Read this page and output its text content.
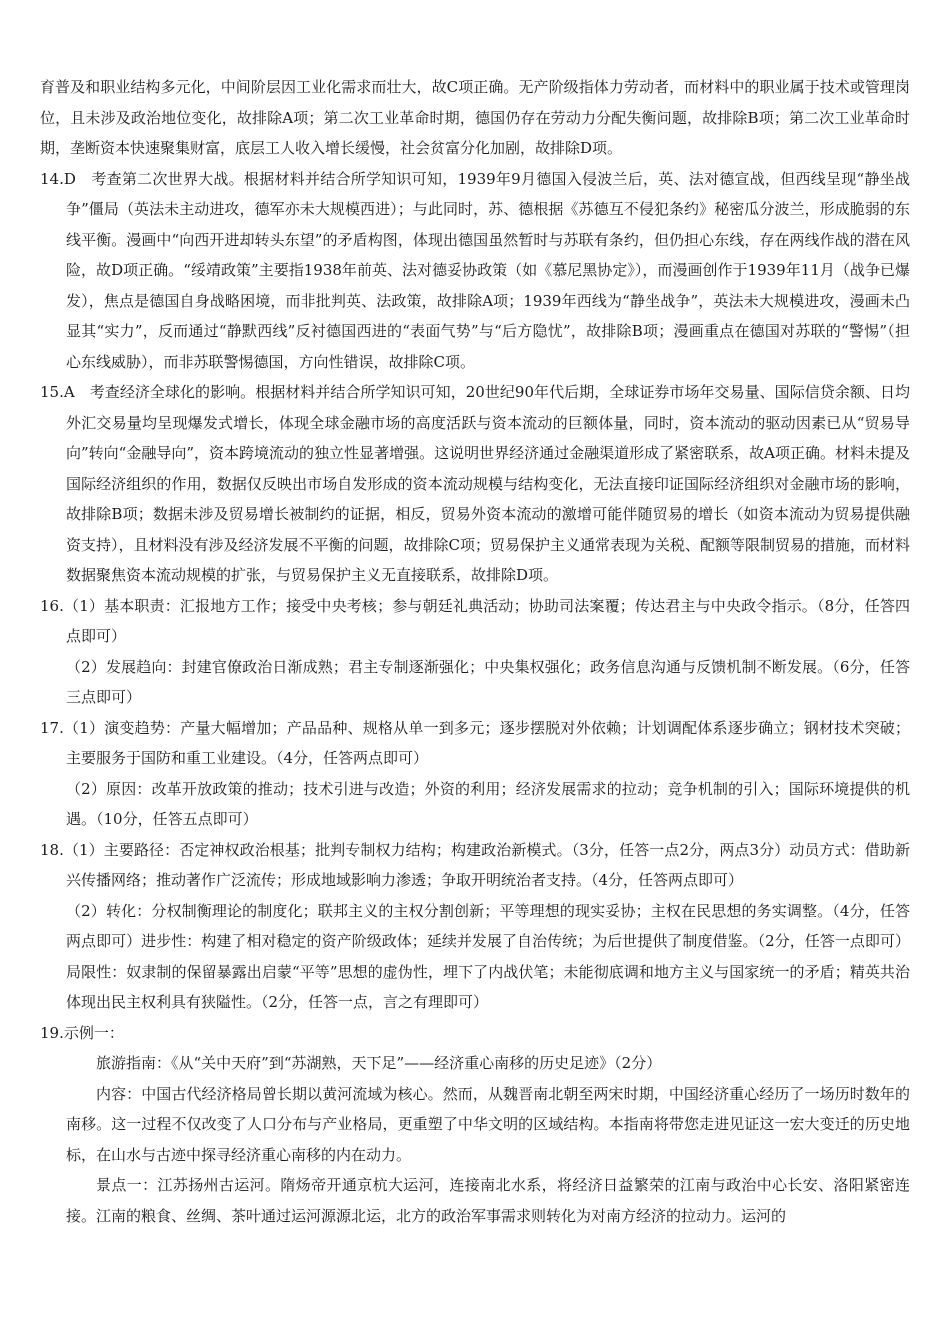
育普及和职业结构多元化，中间阶层因工业化需求而壮大，故C项正确。无产阶级指体力劳动者，而材料中的职业属于技术或管理岗位，且未涉及政治地位变化，故排除A项；第二次工业革命时期，德国仍存在劳动力分配失衡问题，故排除B项；第二次工业革命时期，垄断资本快速聚集财富，底层工人收入增长缓慢，社会贫富分化加剧，故排除D项。

14.D　考查第二次世界大战。根据材料并结合所学知识可知，1939年9月德国入侵波兰后，英、法对德宣战，但西线呈现“静坐战争”僵局（英法未主动进攻，德军亦未大规模西进）；与此同时，苏、德根据《苏德互不侵犯条约》秘密瓜分波兰，形成脆弱的东线平衡。漫画中“向西开进却转头东望”的矛盾构图，体现出德国虽然暂时与苏联有条约，但仍担心东线，存在两线作战的潜在风险，故D项正确。“绥靖政策”主要指1938年前英、法对德妥协政策（如《慕尼黑协定》），而漫画创作于1939年11月（战争已爆发），焦点是德国自身战略困境，而非批判英、法政策，故排除A项；1939年西线为“静坐战争”，英法未大规模进攻，漫画未凸显其“实力”，反而通过“静默西线”反衬德国西进的“表面气势”与“后方隐忧”，故排除B项；漫画重点在德国对苏联的“警惕”（担心东线威胁），而非苏联警惕德国，方向性错误，故排除C项。

15.A　考查经济全球化的影响。根据材料并结合所学知识可知，20世纪90年代后期，全球证券市场年交易量、国际信贷余额、日均外汇交易量均呈现爆发式增长，体现全球金融市场的高度活跃与资本流动的巨额体量，同时，资本流动的驱动因素已从“贸易导向”转向“金融导向”，资本跨境流动的独立性显著增强。这说明世界经济通过金融渠道形成了紧密联系，故A项正确。材料未提及国际经济组织的作用，数据仅反映出市场自发形成的资本流动规模与结构变化，无法直接印证国际经济组织对金融市场的影响，故排除B项；数据未涉及贸易增长被制约的证据，相反，贸易外资本流动的激增可能伴随贸易的增长（如资本流动为贸易提供融资支持），且材料没有涉及经济发展不平衡的问题，故排除C项；贸易保护主义通常表现为关税、配额等限制贸易的措施，而材料数据聚焦资本流动规模的扩张，与贸易保护主义无直接联系，故排除D项。

16.（1）基本职责：汇报地方工作；接受中央考核；参与朝廷礼典活动；协助司法案覆；传达君主与中央政令指示。（8分，任答四点即可）

（2）发展趋向：封建官僚政治日渐成熟；君主专制逐渐强化；中央集权强化；政务信息沟通与反馈机制不断发展。（6分，任答三点即可）

17.（1）演变趋势：产量大幅增加；产品品种、规格从单一到多元；逐步摆脱对外依赖；计划调配体系逐步确立；钢材技术突破；主要服务于国防和重工业建设。（4分，任答两点即可）

（2）原因：改革开放政策的推动；技术引进与改造；外资的利用；经济发展需求的拉动；竞争机制的引入；国际环境提供的机遇。（10分，任答五点即可）

18.（1）主要路径：否定神权政治根基；批判专制权力结构；构建政治新模式。（3分，任答一点2分，两点3分）动员方式：借助新兴传播网络；推动著作广泛流传；形成地域影响力渗透；争取开明统治者支持。（4分，任答两点即可）

（2）转化：分权制衡理论的制度化；联邦主义的主权分割创新；平等理想的现实妥协；主权在民思想的务实调整。（4分，任答两点即可）进步性：构建了相对稳定的资产阶级政体；延续并发展了自治传统；为后世提供了制度借鉴。（2分，任答一点即可）局限性：奴隶制的保留暴露出启蒙“平等”思想的虚伪性，埋下了内战伏笔；未能彻底调和地方主义与国家统一的矛盾；精英共治体现出民主权利具有狭隘性。（2分，任答一点，言之有理即可）

19.示例一：

旅游指南：《从“关中天府”到“苏湖熟，天下足”——经济重心南移的历史足迹》（2分）

内容：中国古代经济格局曾长期以黄河流域为核心。然而，从魏晋南北朝至两宋时期，中国经济重心经历了一场历时数年的南移。这一过程不仅改变了人口分布与产业格局，更重塑了中华文明的区域结构。本指南将带您走进见证这一宏大变迁的历史地标，在山水与古迹中探寻经济重心南移的内在动力。

景点一：江苏扬州古运河。隋炀帝开通京杭大运河，连接南北水系，将经济日益繁荣的江南与政治中心长安、洛阳紧密连接。江南的粮食、丝绸、茶叶通过运河源源北运，北方的政治军事需求则转化为对南方经济的拉动力。运河的
